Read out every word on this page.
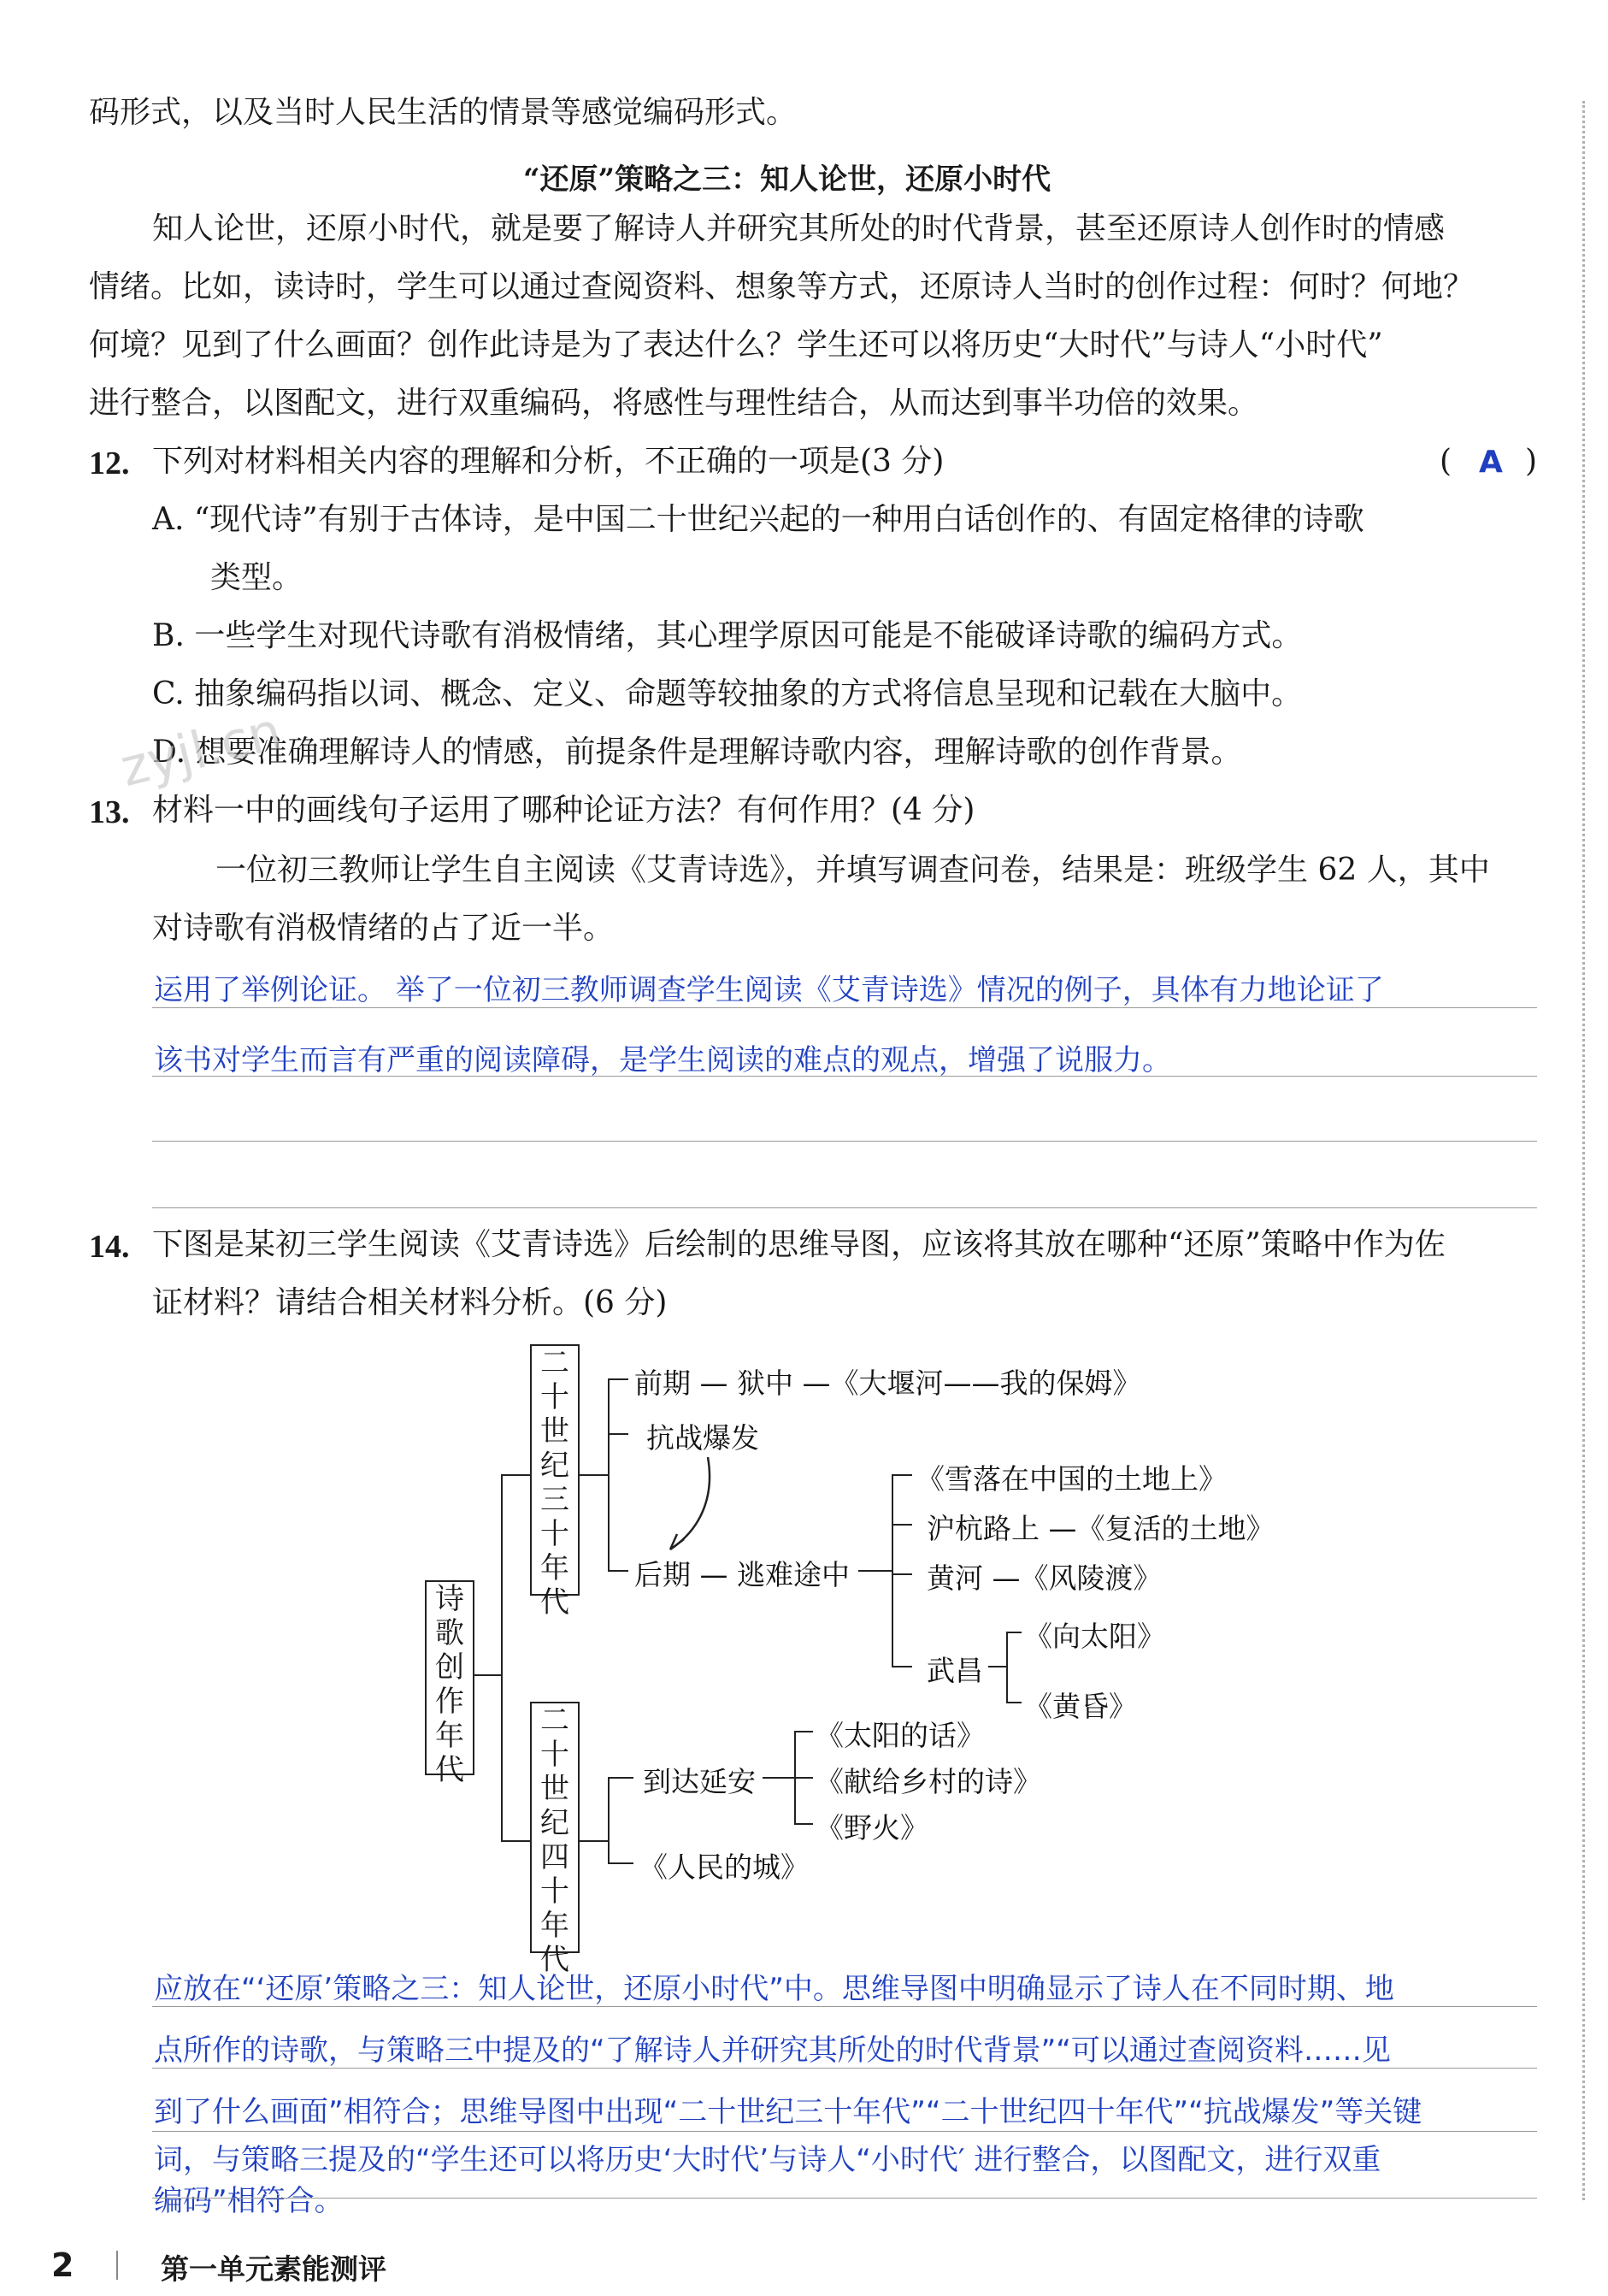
码形式，以及当时人民生活的情景等感觉编码形式。
“还原”策略之三：知人论世，还原小时代
知人论世，还原小时代，就是要了解诗人并研究其所处的时代背景，甚至还原诗人创作时的情感
情绪。比如，读诗时，学生可以通过查阅资料、想象等方式，还原诗人当时的创作过程：何时？何地？
何境？见到了什么画面？创作此诗是为了表达什么？学生还可以将历史“大时代”与诗人“小时代”
进行整合，以图配文，进行双重编码，将感性与理性结合，从而达到事半功倍的效果。
12. 下列对材料相关内容的理解和分析，不正确的一项是(3 分)	( A )
A. “现代诗”有别于古体诗，是中国二十世纪兴起的一种用白话创作的、有固定格律的诗歌
类型。
B. 一些学生对现代诗歌有消极情绪，其心理学原因可能是不能破译诗歌的编码方式。
C. 抽象编码指以词、概念、定义、命题等较抽象的方式将信息呈现和记载在大脑中。
D. 想要准确理解诗人的情感，前提条件是理解诗歌内容，理解诗歌的创作背景。
zyjl.cn
13. 材料一中的画线句子运用了哪种论证方法？有何作用？(4 分)
一位初三教师让学生自主阅读《艾青诗选》，并填写调查问卷，结果是：班级学生 62 人，其中
对诗歌有消极情绪的占了近一半。
运用了举例论证。 举了一位初三教师调查学生阅读《艾青诗选》情况的例子，具体有力地论证了
该书对学生而言有严重的阅读障碍，是学生阅读的难点的观点，增强了说服力。
14. 下图是某初三学生阅读《艾青诗选》后绘制的思维导图，应该将其放在哪种“还原”策略中作为佐
证材料？请结合相关材料分析。(6 分)
诗
歌
创
作
年
代
二
十
世
纪
三
十
年
代
前期 — 狱中 —《大堰河——我的保姆》
抗战爆发
后期 — 逃难途中
《雪落在中国的土地上》
沪杭路上 —《复活的土地》
黄河 —《风陵渡》
武昌
《向太阳》
《黄昏》
二
十
世
纪
四
十
年
代
到达延安
《太阳的话》
《献给乡村的诗》
《野火》
《人民的城》
应放在“‘还原’策略之三：知人论世，还原小时代”中。思维导图中明确显示了诗人在不同时期、地
点所作的诗歌，与策略三中提及的“了解诗人并研究其所处的时代背景”“可以通过查阅资料……见
到了什么画面”相符合；思维导图中出现“二十世纪三十年代”“二十世纪四十年代”“抗战爆发”等关键
词，与策略三提及的“学生还可以将历史‘大时代’与诗人“小时代′ 进行整合，以图配文，进行双重
编码”相符合。
2	第一单元素能测评
